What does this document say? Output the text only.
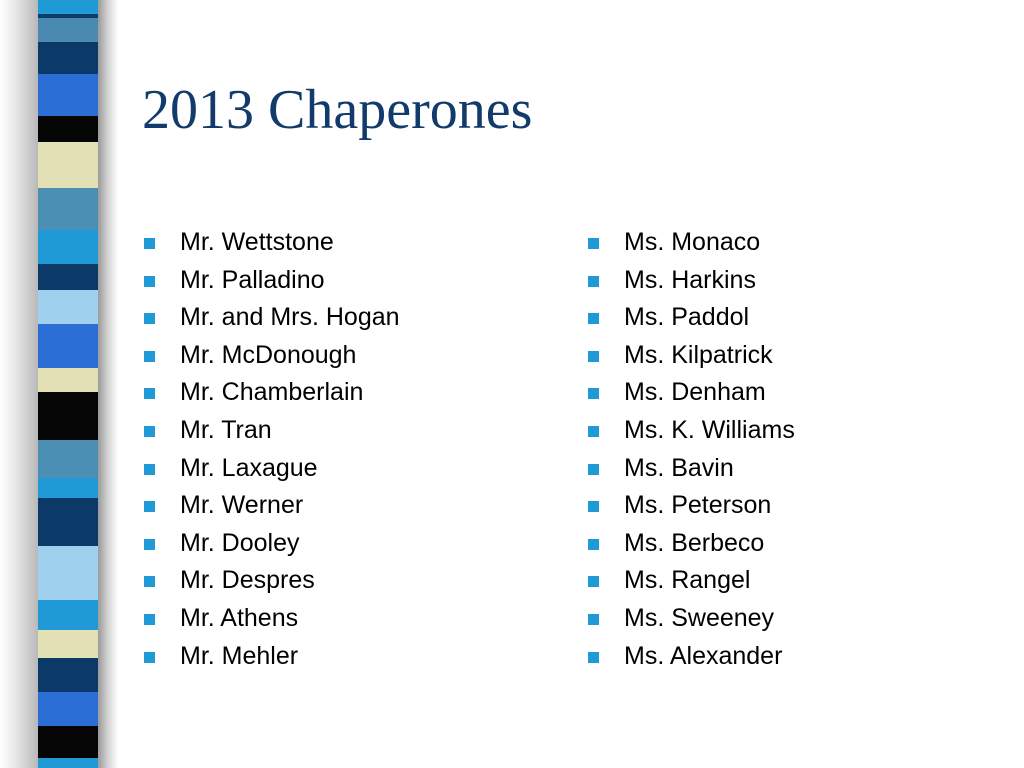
2013 Chaperones
Mr. Wettstone
Mr. Palladino
Mr. and Mrs. Hogan
Mr. McDonough
Mr. Chamberlain
Mr. Tran
Mr. Laxague
Mr. Werner
Mr. Dooley
Mr. Despres
Mr. Athens
Mr. Mehler
Ms. Monaco
Ms. Harkins
Ms. Paddol
Ms. Kilpatrick
Ms. Denham
Ms. K. Williams
Ms. Bavin
Ms. Peterson
Ms. Berbeco
Ms. Rangel
Ms. Sweeney
Ms. Alexander
